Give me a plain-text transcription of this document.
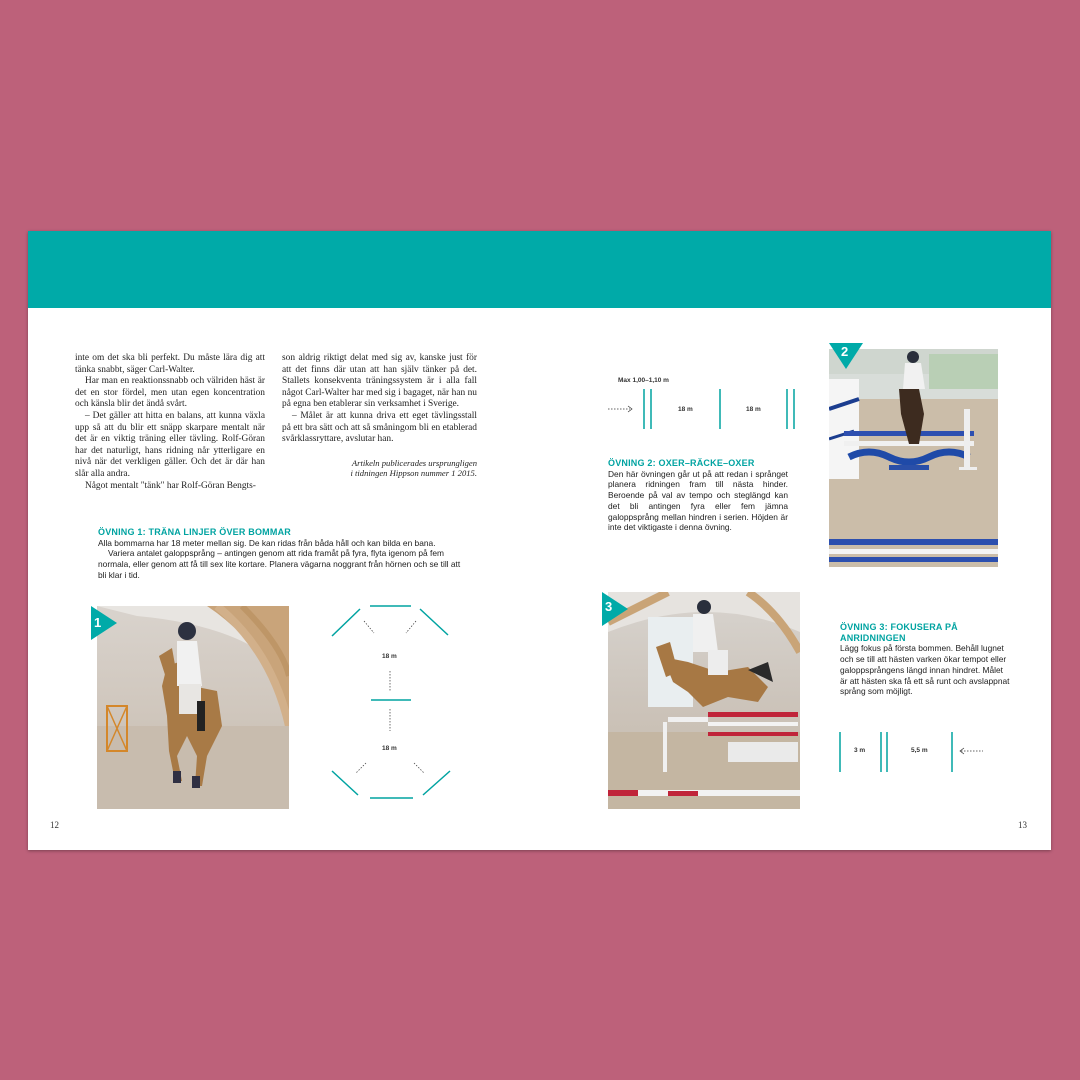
inte om det ska bli perfekt. Du måste lära dig att tänka snabbt, säger Carl-Walter.

Har man en reaktionssnabb och välriden häst är det en stor fördel, men utan egen koncentration och känsla blir det ändå svårt.

– Det gäller att hitta en balans, att kunna växla upp så att du blir ett snäpp skarpare mentalt när det är en viktig träning eller tävling. Rolf-Göran har det naturligt, hans ridning når ytterligare en nivå när det verkligen gäller. Och det är där han slår alla andra.

Något mentalt "tänk" har Rolf-Göran Bengts-

son aldrig riktigt delat med sig av, kanske just för att det finns där utan att han själv tänker på det. Stallets konsekventa träningssystem är i alla fall något Carl-Walter har med sig i bagaget, när han nu på egna ben etablerar sin verksamhet i Sverige.

– Målet är att kunna driva ett eget tävlingsstall på ett bra sätt och att så småningom bli en etablerad svårklassryttare, avslutar han.

Artikeln publicerades ursprungligen
i tidningen Hippson nummer 1 2015.

ÖVNING 1: TRÄNA LINJER ÖVER BOMMAR

Alla bommarna har 18 meter mellan sig. De kan ridas från båda håll och kan bilda en bana.

Variera antalet galoppsprång – antingen genom att rida framåt på fyra, flyta igenom på fem normala, eller genom att få till sex lite kortare. Planera vägarna noggrant från hörnen och se till att bli klar i tid.

1
18 m
18 m
12
Max 1,00–1,10 m
18 m	18 m

ÖVNING 2: OXER–RÄCKE–OXER

Den här övningen går ut på att redan i språnget planera ridningen fram till nästa hinder. Beroende på val av tempo och steglängd kan det bli antingen fyra eller fem jämna galoppsprång mellan hindren i serien. Höjden är inte det viktigaste i denna övning.

2
3

ÖVNING 3: FOKUSERA PÅ
ANRIDNINGEN

Lägg fokus på första bommen. Behåll lugnet och se till att hästen varken ökar tempot eller galoppsprångens längd innan hindret. Målet är att hästen ska få ett så runt och avslappnat språng som möjligt.

3 m	5,5 m
13
